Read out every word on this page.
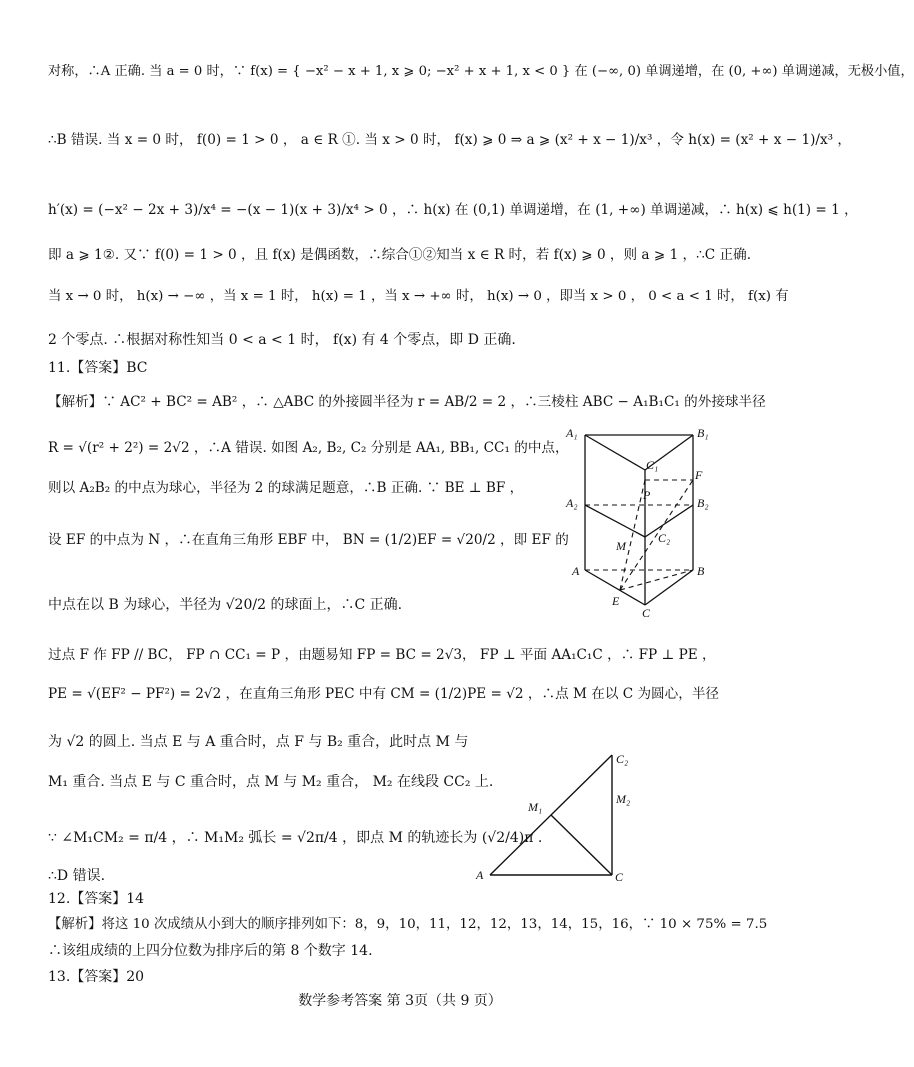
对称，∴A 正确. 当 a = 0 时，∵ f(x) = { −x² − x + 1, x ⩾ 0; −x² + x + 1, x < 0 } 在 (−∞, 0) 单调递增，在 (0, +∞) 单调递减，无极小值，
∴B 错误. 当 x = 0 时， f(0) = 1 > 0 ， a ∈ R ①. 当 x > 0 时， f(x) ⩾ 0 ⇒ a ⩾ (x² + x − 1)/x³ ，令 h(x) = (x² + x − 1)/x³ ，
h′(x) = (−x² − 2x + 3)/x⁴ = −(x − 1)(x + 3)/x⁴ > 0 ，∴ h(x) 在 (0,1) 单调递增，在 (1, +∞) 单调递减，∴ h(x) ⩽ h(1) = 1 ，
即 a ⩾ 1②. 又∵ f(0) = 1 > 0 ，且 f(x) 是偶函数，∴综合①②知当 x ∈ R 时，若 f(x) ⩾ 0 ，则 a ⩾ 1 ，∴C 正确.
当 x → 0 时， h(x) → −∞ ，当 x = 1 时， h(x) = 1 ，当 x → +∞ 时， h(x) → 0 ，即当 x > 0 ， 0 < a < 1 时， f(x) 有
2 个零点. ∴根据对称性知当 0 < a < 1 时， f(x) 有 4 个零点，即 D 正确.
11.【答案】BC
【解析】∵ AC² + BC² = AB² ，∴ △ABC 的外接圆半径为 r = AB/2 = 2 ，∴三棱柱 ABC − A₁B₁C₁ 的外接球半径
R = √(r² + 2²) = 2√2 ，∴A 错误. 如图 A₂, B₂, C₂ 分别是 AA₁, BB₁, CC₁ 的中点，
则以 A₂B₂ 的中点为球心，半径为 2 的球满足题意，∴B 正确. ∵ BE ⊥ BF ，
设 EF 的中点为 N ，∴在直角三角形 EBF 中， BN = (1/2)EF = √20/2 ，即 EF 的
中点在以 B 为球心，半径为 √20/2 的球面上，∴C 正确.
过点 F 作 FP // BC， FP ∩ CC₁ = P ，由题易知 FP = BC = 2√3， FP ⊥ 平面 AA₁C₁C ，∴ FP ⊥ PE ，
PE = √(EF² − PF²) = 2√2 ，在直角三角形 PEC 中有 CM = (1/2)PE = √2 ，∴点 M 在以 C 为圆心，半径
为 √2 的圆上. 当点 E 与 A 重合时，点 F 与 B₂ 重合，此时点 M 与
M₁ 重合. 当点 E 与 C 重合时，点 M 与 M₂ 重合， M₂ 在线段 CC₂ 上.
∵ ∠M₁CM₂ = π/4 ，∴ M₁M₂ 弧长 = √2π/4 ，即点 M 的轨迹长为 (√2/4)π .
∴D 错误.
12.【答案】14
【解析】将这 10 次成绩从小到大的顺序排列如下：8，9，10，11，12，12，13，14，15，16，∵ 10 × 75% = 7.5
∴该组成绩的上四分位数为排序后的第 8 个数字 14.
13.【答案】20
A₁	B₁
C₁
F
P
A₂	B₂
M
C₂
A	B
E
C
C₂
M₁
M₂
A	C
数学参考答案 第 3页（共 9 页）
